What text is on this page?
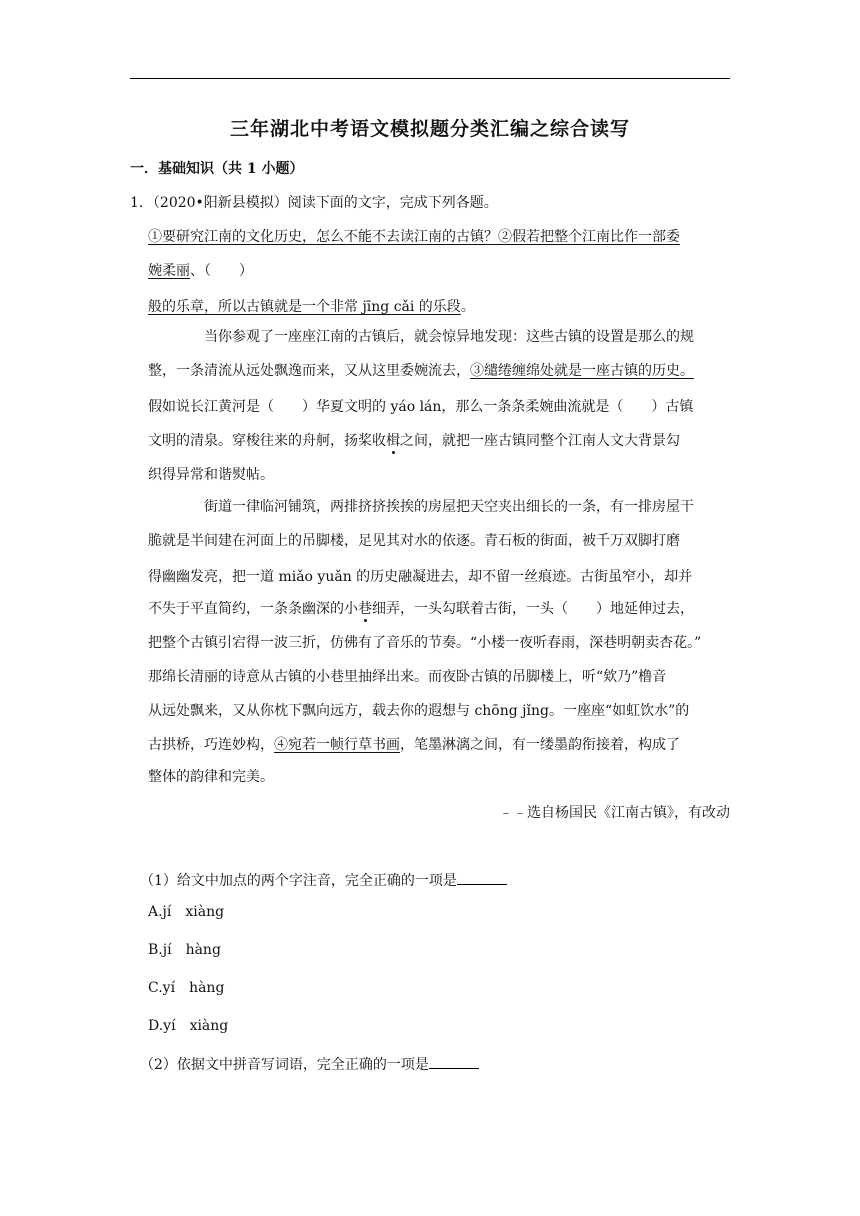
三年湖北中考语文模拟题分类汇编之综合读写
一．基础知识（共 1 小题）
1．（2020•阳新县模拟）阅读下面的文字，完成下列各题。
①要研究江南的文化历史，怎么不能不去读江南的古镇？②假若把整个江南比作一部委
婉柔丽、（　　）
般的乐章，所以古镇就是一个非常 jīng cǎi 的乐段。
当你参观了一座座江南的古镇后，就会惊异地发现：这些古镇的设置是那么的规
整，一条清流从远处飘逸而来，又从这里委婉流去，③缱绻缠绵处就是一座古镇的历史。
假如说长江黄河是（　　）华夏文明的 yáo lán，那么一条条柔婉曲流就是（　　）古镇
文明的清泉。穿梭往来的舟舸，扬桨收楫之间，就把一座古镇同整个江南人文大背景勾
织得异常和谐熨帖。
街道一律临河铺筑，两排挤挤挨挨的房屋把天空夹出细长的一条，有一排房屋干
脆就是半间建在河面上的吊脚楼，足见其对水的依逐。青石板的街面，被千万双脚打磨
得幽幽发亮，把一道 miǎo yuǎn 的历史融凝进去，却不留一丝痕迹。古街虽窄小，却并
不失于平直简约，一条条幽深的小巷细弄，一头勾联着古街，一头（　　）地延伸过去，
把整个古镇引宕得一波三折，仿佛有了音乐的节奏。“小楼一夜听春雨，深巷明朝卖杏花。”
那绵长清丽的诗意从古镇的小巷里抽绎出来。而夜卧古镇的吊脚楼上，听“欸乃”橹音
从远处飘来，又从你枕下飘向远方，载去你的遐想与 chōng jǐng。一座座“如虹饮水”的
古拱桥，巧连妙构，④宛若一帧行草书画，笔墨淋漓之间，有一缕墨韵衔接着，构成了
整体的韵律和完美。
﹣﹣选自杨国民《江南古镇》，有改动
（1）给文中加点的两个字注音，完全正确的一项是
A.jí xiàng
B.jí hàng
C.yí hàng
D.yí xiàng
（2）依据文中拼音写词语，完全正确的一项是
